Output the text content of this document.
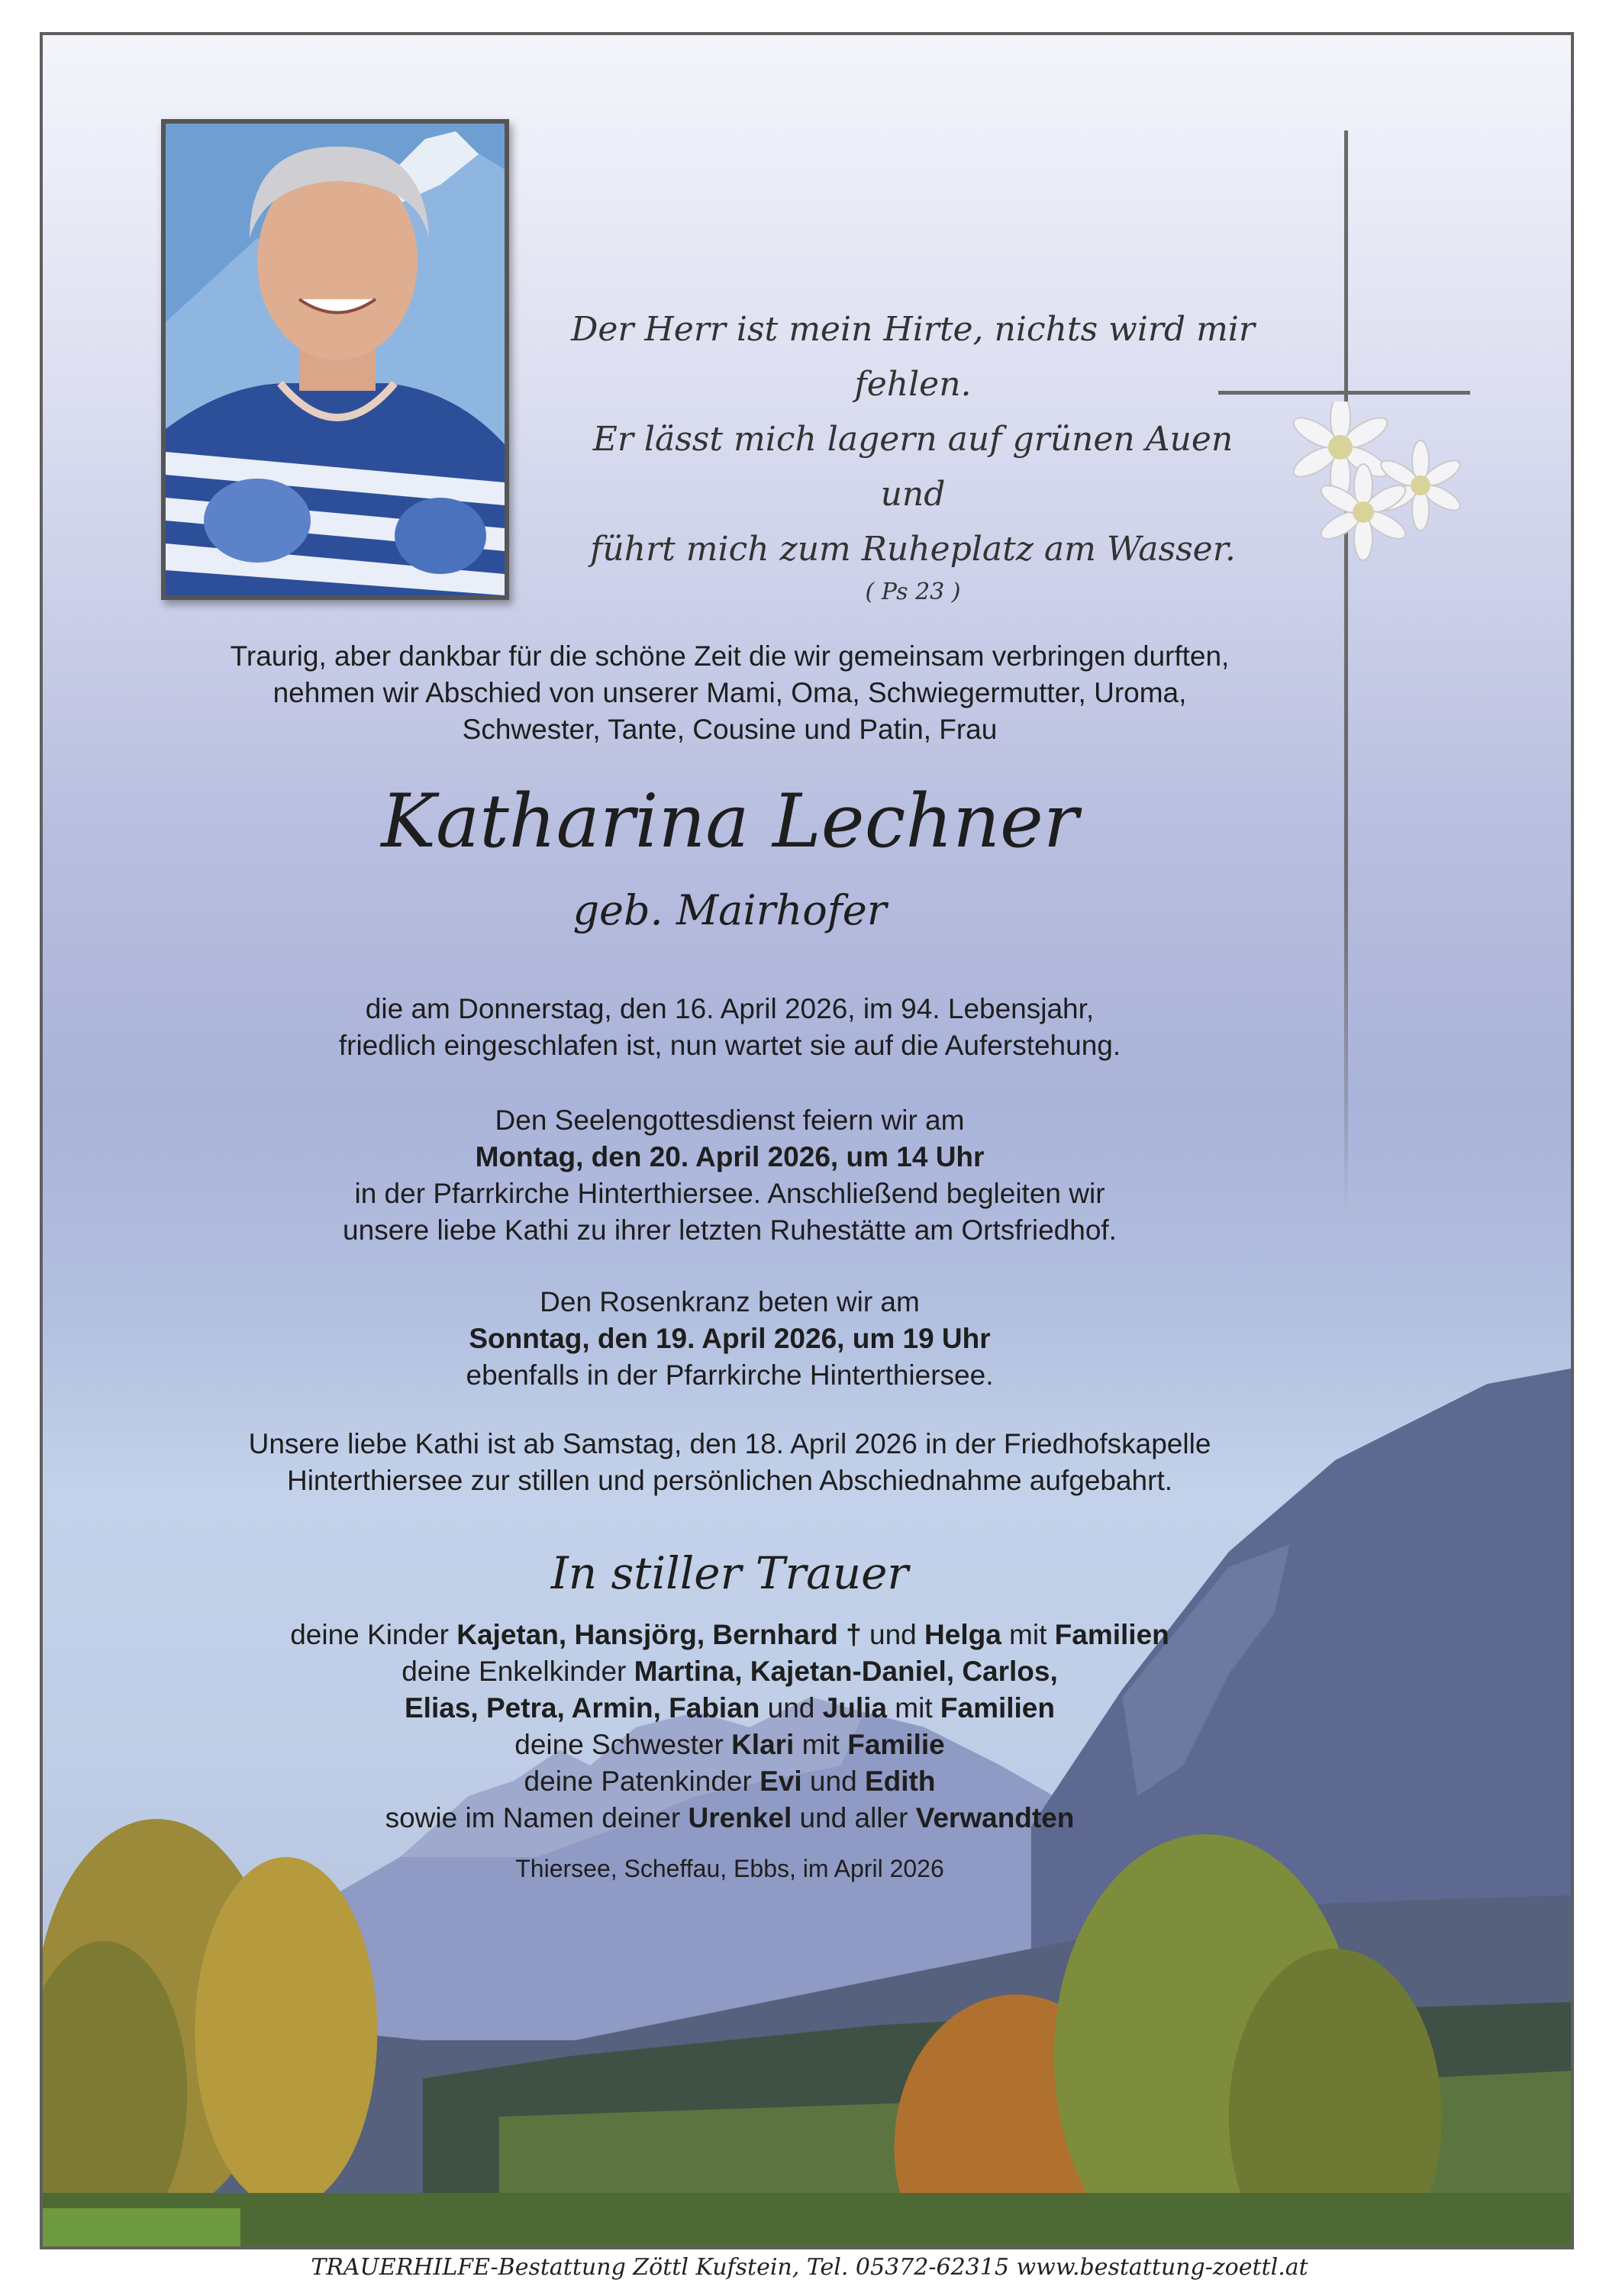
Der Herr ist mein Hirte, nichts wird mir fehlen.
Er lässt mich lagern auf grünen Auen und
führt mich zum Ruheplatz am Wasser.
( Ps 23 )
Traurig, aber dankbar für die schöne Zeit die wir gemeinsam verbringen durften,
nehmen wir Abschied von unserer Mami, Oma, Schwiegermutter, Uroma,
Schwester, Tante, Cousine und Patin, Frau
Katharina Lechner
geb. Mairhofer
die am Donnerstag, den 16. April 2026, im 94. Lebensjahr,
friedlich eingeschlafen ist, nun wartet sie auf die Auferstehung.
Den Seelengottesdienst feiern wir am
Montag, den 20. April 2026, um 14 Uhr
in der Pfarrkirche Hinterthiersee. Anschließend begleiten wir
unsere liebe Kathi zu ihrer letzten Ruhestätte am Ortsfriedhof.
Den Rosenkranz beten wir am
Sonntag, den 19. April 2026, um 19 Uhr
ebenfalls in der Pfarrkirche Hinterthiersee.
Unsere liebe Kathi ist ab Samstag, den 18. April 2026 in der Friedhofskapelle
Hinterthiersee zur stillen und persönlichen Abschiednahme aufgebahrt.
In stiller Trauer
deine Kinder Kajetan, Hansjörg, Bernhard † und Helga mit Familien
deine Enkelkinder Martina, Kajetan-Daniel, Carlos,
Elias, Petra, Armin, Fabian und Julia mit Familien
deine Schwester Klari mit Familie
deine Patenkinder Evi und Edith
sowie im Namen deiner Urenkel und aller Verwandten
Thiersee, Scheffau, Ebbs, im April 2026
TRAUERHILFE-Bestattung Zöttl Kufstein, Tel. 05372-62315 www.bestattung-zoettl.at
